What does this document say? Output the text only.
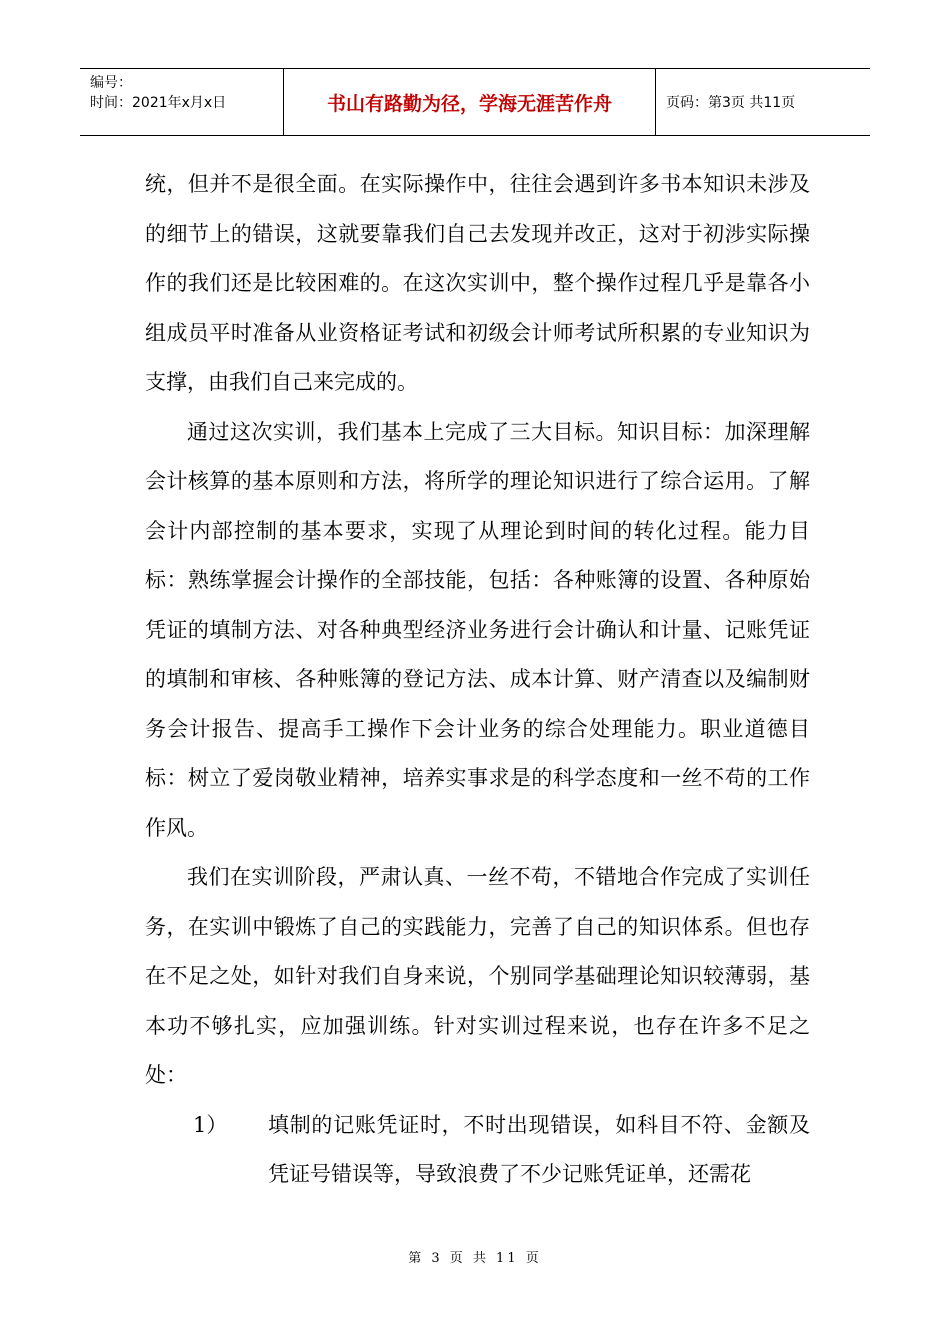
编号：
时间：2021年x月x日	书山有路勤为径，学海无涯苦作舟	页码：第3页 共11页

统，但并不是很全面。在实际操作中，往往会遇到许多书本知识未涉及的细节上的错误，这就要靠我们自己去发现并改正，这对于初涉实际操作的我们还是比较困难的。在这次实训中，整个操作过程几乎是靠各小组成员平时准备从业资格证考试和初级会计师考试所积累的专业知识为支撑，由我们自己来完成的。

通过这次实训，我们基本上完成了三大目标。知识目标：加深理解会计核算的基本原则和方法，将所学的理论知识进行了综合运用。了解会计内部控制的基本要求，实现了从理论到时间的转化过程。能力目标：熟练掌握会计操作的全部技能，包括：各种账簿的设置、各种原始凭证的填制方法、对各种典型经济业务进行会计确认和计量、记账凭证的填制和审核、各种账簿的登记方法、成本计算、财产清查以及编制财务会计报告、提高手工操作下会计业务的综合处理能力。职业道德目标：树立了爱岗敬业精神，培养实事求是的科学态度和一丝不苟的工作作风。

我们在实训阶段，严肃认真、一丝不苟，不错地合作完成了实训任务，在实训中锻炼了自己的实践能力，完善了自己的知识体系。但也存在不足之处，如针对我们自身来说，个别同学基础理论知识较薄弱，基本功不够扎实，应加强训练。针对实训过程来说，也存在许多不足之处：

1） 填制的记账凭证时，不时出现错误，如科目不符、金额及凭证号错误等，导致浪费了不少记账凭证单，还需花
第 3 页 共 11 页
